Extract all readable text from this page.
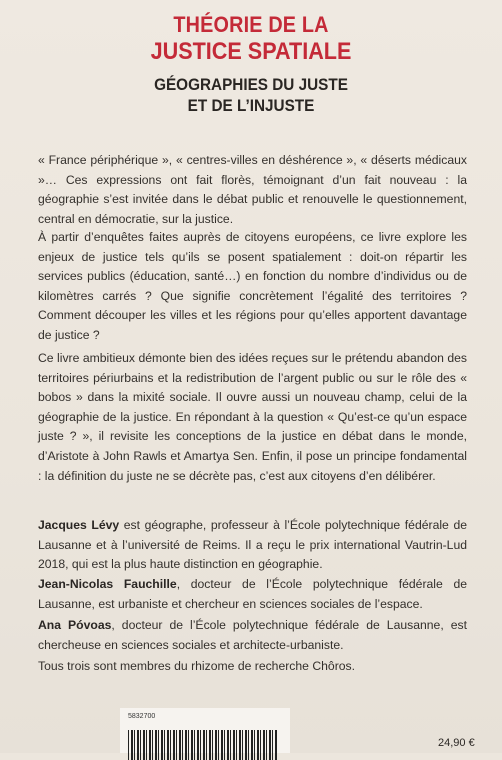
THÉORIE DE LA
JUSTICE SPATIALE
GÉOGRAPHIES DU JUSTE
ET DE L’INJUSTE
« France périphérique », « centres-villes en déshérence », « déserts médicaux »… Ces expressions ont fait florès, témoignant d’un fait nouveau : la géographie s’est invitée dans le débat public et renouvelle le questionnement, central en démocratie, sur la justice.
À partir d’enquêtes faites auprès de citoyens européens, ce livre explore les enjeux de justice tels qu’ils se posent spatialement : doit-on répartir les services publics (éducation, santé…) en fonction du nombre d’individus ou de kilomètres carrés ? Que signifie concrètement l’égalité des territoires ? Comment découper les villes et les régions pour qu’elles apportent davantage de justice ?
Ce livre ambitieux démonte bien des idées reçues sur le prétendu abandon des territoires périurbains et la redistribution de l’argent public ou sur le rôle des « bobos » dans la mixité sociale. Il ouvre aussi un nouveau champ, celui de la géographie de la justice. En répondant à la question « Qu’est-ce qu’un espace juste ? », il revisite les conceptions de la justice en débat dans le monde, d’Aristote à John Rawls et Amartya Sen. Enfin, il pose un principe fondamental : la définition du juste ne se décrète pas, c’est aux citoyens d’en délibérer.
Jacques Lévy est géographe, professeur à l’École polytechnique fédérale de Lausanne et à l’université de Reims. Il a reçu le prix international Vautrin-Lud 2018, qui est la plus haute distinction en géographie.
Jean-Nicolas Fauchille, docteur de l’École polytechnique fédérale de Lausanne, est urbaniste et chercheur en sciences sociales de l’espace.
Ana Póvoas, docteur de l’École polytechnique fédérale de Lausanne, est chercheuse en sciences sociales et architecte-urbaniste.
Tous trois sont membres du rhizome de recherche Chôros.
5832700
24,90 €
